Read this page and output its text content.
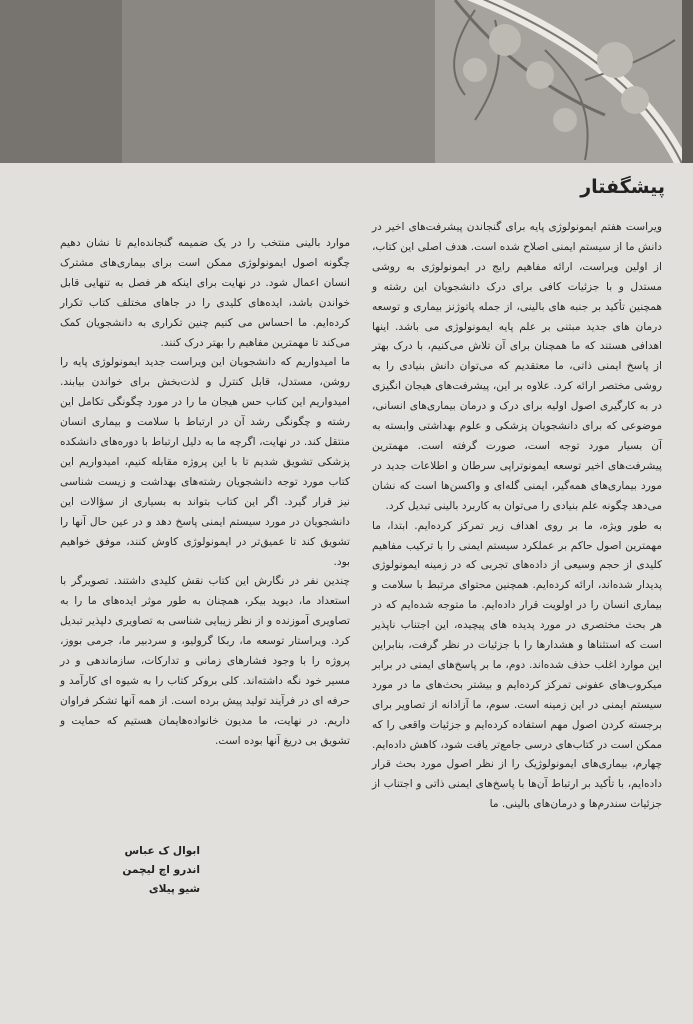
پیشگفتار

ویراست هفتم ایمونولوژی پایه برای گنجاندن پیشرفت‌های اخیر در دانش ما از سیستم ایمنی اصلاح شده است. هدف اصلی این کتاب، از اولین ویراست، ارائه مفاهیم رایج در ایمونولوژی به روشی مستدل و با جزئیات کافی برای درک دانشجویان این رشته و همچنین تأکید بر جنبه های بالینی، از جمله پاتوژنز بیماری و توسعه درمان های جدید مبتنی بر علم پایه ایمونولوژی می باشد. اینها اهدافی هستند که ما همچنان برای آن تلاش می‌کنیم، با درک بهتر از پاسخ ایمنی ذاتی، ما معتقدیم که می‌توان دانش بنیادی را به روشی مختصر ارائه کرد. علاوه بر این، پیشرفت‌های هیجان انگیزی در به کارگیری اصول اولیه برای درک و درمان بیماری‌های انسانی، موضوعی که برای دانشجویان پزشکی و علوم بهداشتی وابسته به آن بسیار مورد توجه است، صورت گرفته است. مهمترین پیشرفت‌های اخیر توسعه ایمونوتراپی سرطان و اطلاعات جدید در مورد بیماری‌های همه‌گیر، ایمنی گله‌ای و واکسن‌ها است که نشان می‌دهد چگونه علم بنیادی را می‌توان به کاربرد بالینی تبدیل کرد.

به طور ویژه، ما بر روی اهداف زیر تمرکز کرده‌ایم. ابتدا، ما مهمترین اصول حاکم بر عملکرد سیستم ایمنی را با ترکیب مفاهیم کلیدی از حجم وسیعی از داده‌های تجربی که در زمینه ایمونولوژی پدیدار شده‌اند، ارائه کرده‌ایم. همچنین محتوای مرتبط با سلامت و بیماری انسان را در اولویت قرار داده‌ایم. ما متوجه شده‌ایم که در هر بحث مختصری در مورد پدیده های پیچیده، این اجتناب ناپذیر است که استثناها و هشدارها را با جزئیات در نظر گرفت، بنابراین این موارد اغلب حذف شده‌اند. دوم، ما بر پاسخ‌های ایمنی در برابر میکروب‌های عفونی تمرکز کرده‌ایم و بیشتر بحث‌های ما در مورد سیستم ایمنی در این زمینه است. سوم، ما آزادانه از تصاویر برای برجسته کردن اصول مهم استفاده کرده‌ایم و جزئیات واقعی را که ممکن است در کتاب‌های درسی جامع‌تر یافت شود، کاهش داده‌ایم. چهارم، بیماری‌های ایمونولوژیک را از نظر اصول مورد بحث قرار داده‌ایم، با تأکید بر ارتباط آن‌ها با پاسخ‌های ایمنی ذاتی و اجتناب از جزئیات سندرم‌ها و درمان‌های بالینی. ما

موارد بالینی منتخب را در یک ضمیمه گنجانده‌ایم تا نشان دهیم چگونه اصول ایمونولوژی ممکن است برای بیماری‌های مشترک انسان اعمال شود. در نهایت برای اینکه هر فصل به تنهایی قابل خواندن باشد، ایده‌های کلیدی را در جاهای مختلف کتاب تکرار کرده‌ایم. ما احساس می کنیم چنین تکراری به دانشجویان کمک می‌کند تا مهمترین مفاهیم را بهتر درک کنند.

ما امیدواریم که دانشجویان این ویراست جدید ایمونولوژی پایه را روشن، مستدل، قابل کنترل و لذت‌بخش برای خواندن بیابند. امیدواریم این کتاب حس هیجان ما را در مورد چگونگی تکامل این رشته و چگونگی رشد آن در ارتباط با سلامت و بیماری انسان منتقل کند. در نهایت، اگرچه ما به دلیل ارتباط با دوره‌های دانشکده پزشکی تشویق شدیم تا با این پروژه مقابله کنیم، امیدواریم این کتاب مورد توجه دانشجویان رشته‌های بهداشت و زیست شناسی نیز قرار گیرد. اگر این کتاب بتواند به بسیاری از سؤالات این دانشجویان در مورد سیستم ایمنی پاسخ دهد و در عین حال آنها را تشویق کند تا عمیق‌تر در ایمونولوژی کاوش کنند، موفق خواهیم بود.

چندین نفر در نگارش این کتاب نقش کلیدی داشتند. تصویرگر با استعداد ما، دیوید بیکر، همچنان به طور موثر ایده‌های ما را به تصاویری آموزنده و از نظر زیبایی شناسی به تصاویری دلپذیر تبدیل کرد. ویراستار توسعه ما، ربکا گرولیو، و سردبیر ما، جرمی بووز، پروژه را با وجود فشارهای زمانی و تدارکات، سازماندهی و در مسیر خود نگه داشته‌اند. کلی بروکر کتاب را به شیوه ای کارآمد و حرفه ای در فرآیند تولید پیش برده است. از همه آنها تشکر فراوان داریم. در نهایت، ما مدیون خانواده‌هایمان هستیم که حمایت و تشویق بی دریغ آنها بوده است.

ابوال ک عباس
اندرو اچ لیچمن
شیو پیلای
